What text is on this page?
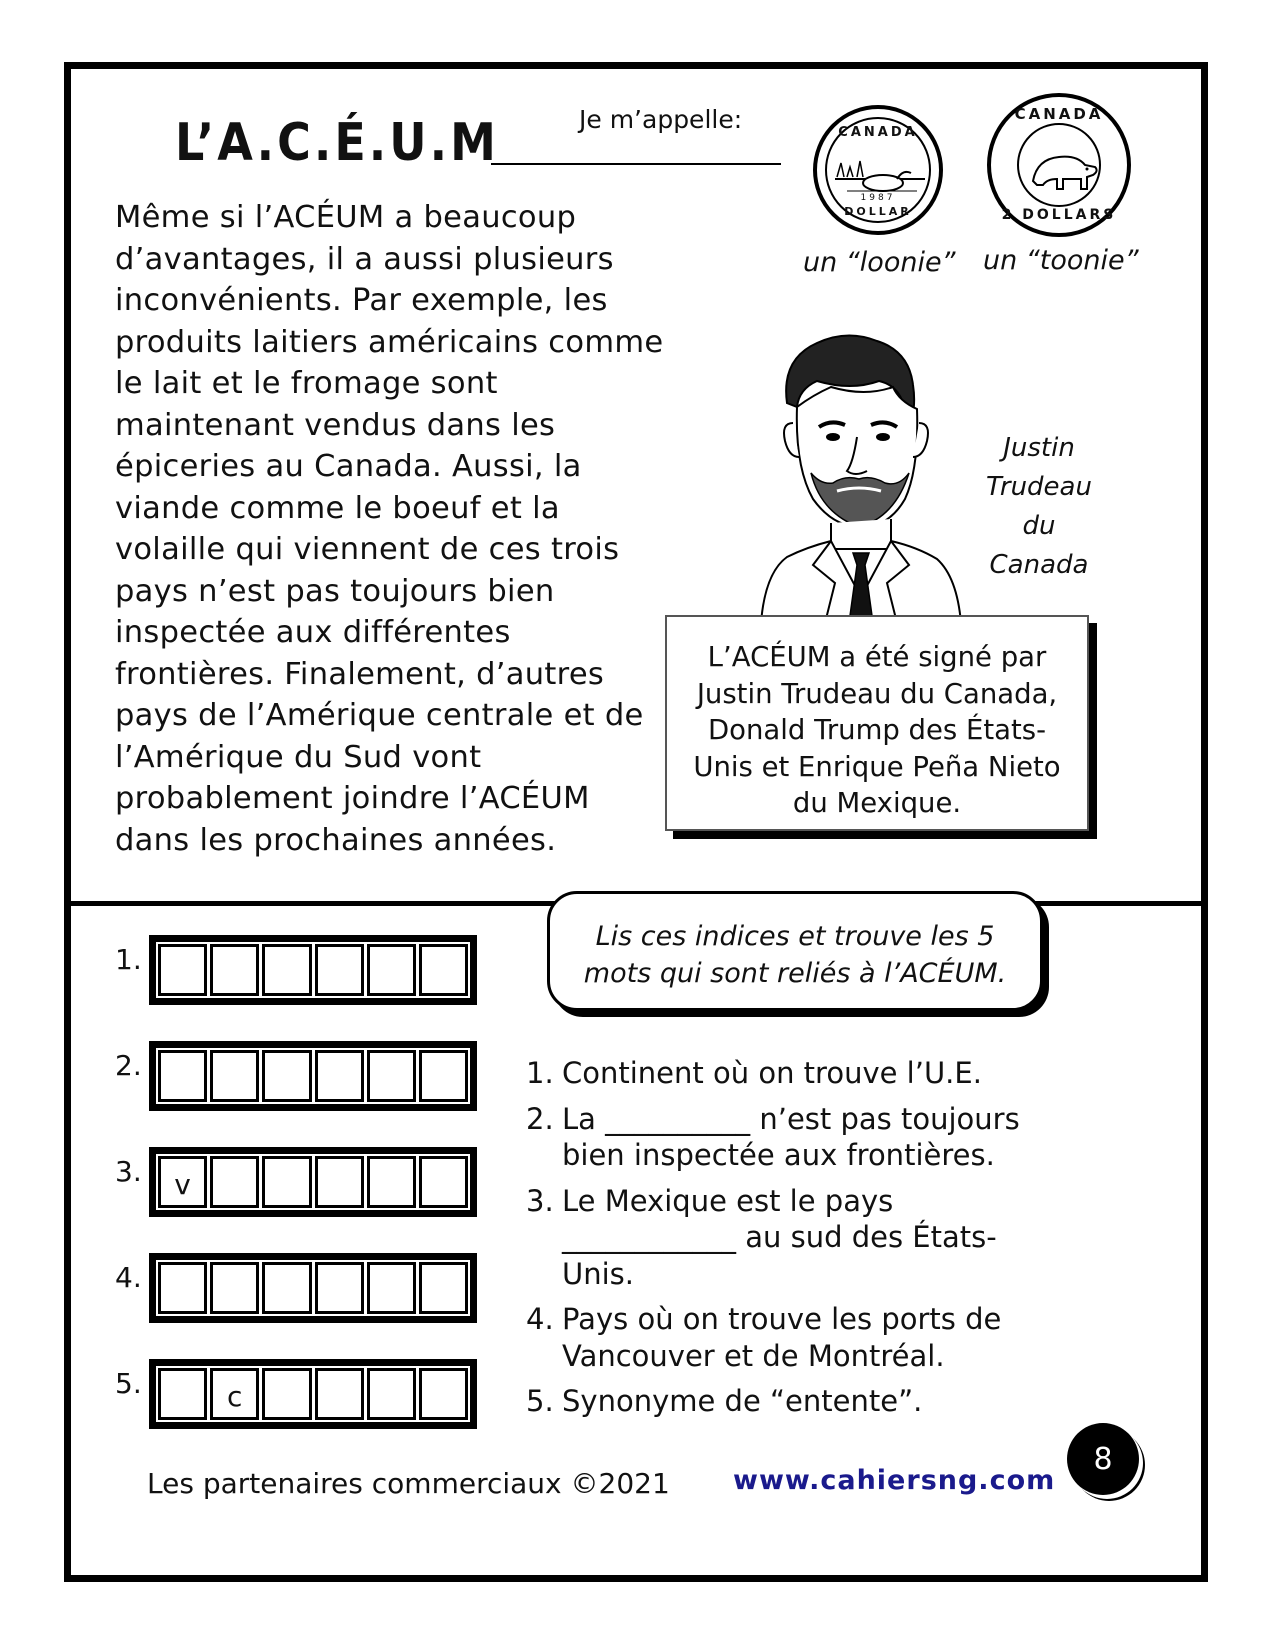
L’A.C.É.U.M	Je m’appelle:	CANADA
1987
DOLLAR
un “loonie”
CANADA
2 DOLLARS
un “toonie”
Même si l’ACÉUM a beaucoup
d’avantages, il a aussi plusieurs
inconvénients. Par exemple, les
produits laitiers américains comme
le lait et le fromage sont
maintenant vendus dans les
épiceries au Canada. Aussi, la
viande comme le boeuf et la
volaille qui viennent de ces trois
pays n’est pas toujours bien
inspectée aux différentes
frontières. Finalement, d’autres
pays de l’Amérique centrale et de
l’Amérique du Sud vont
probablement joindre l’ACÉUM
dans les prochaines années.
Justin
Trudeau
du Canada
L’ACÉUM a été signé par
Justin Trudeau du Canada,
Donald Trump des États-
Unis et Enrique Peña Nieto
du Mexique.
Lis ces indices et trouve les 5
mots qui sont reliés à l’ACÉUM.
1.
2.
3.	v
4.
5.	c
1. Continent où on trouve l’U.E.
2. La __________ n’est pas toujours
bien inspectée aux frontières.
3. Le Mexique est le pays
____________ au sud des États-
Unis.
4. Pays où on trouve les ports de
Vancouver et de Montréal.
5. Synonyme de “entente”.
Les partenaires commerciaux ©2021 www.cahiersng.com
8
